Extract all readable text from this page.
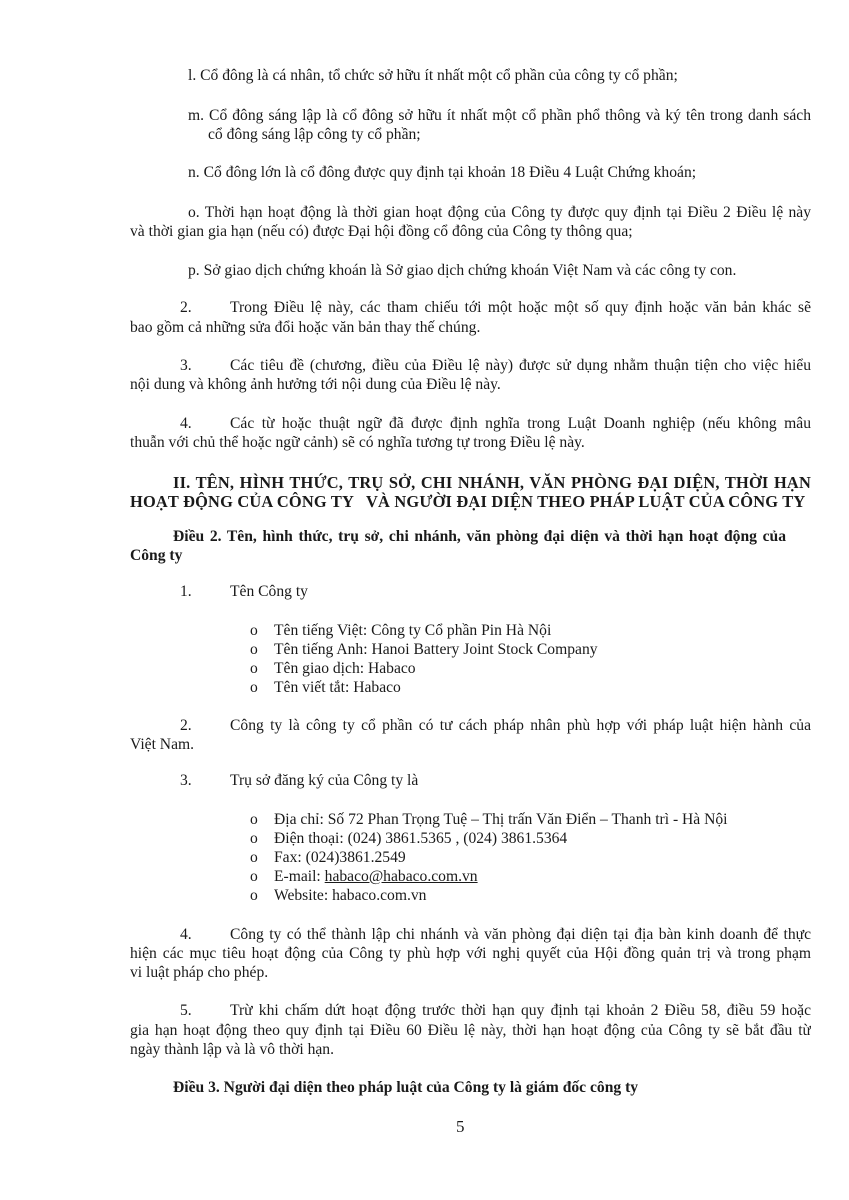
l. Cổ đông là cá nhân, tổ chức sở hữu ít nhất một cổ phần của công ty cổ phần;
m. Cổ đông sáng lập là cổ đông sở hữu ít nhất một cổ phần phổ thông và ký tên trong danh sách
cổ đông sáng lập công ty cổ phần;
n. Cổ đông lớn là cổ đông được quy định tại khoản 18 Điều 4 Luật Chứng khoán;
o. Thời hạn hoạt động là thời gian hoạt động của Công ty được quy định tại Điều 2 Điều lệ này
và thời gian gia hạn (nếu có) được Đại hội đồng cổ đông của Công ty thông qua;
p. Sở giao dịch chứng khoán là Sở giao dịch chứng khoán Việt Nam và các công ty con.
2. Trong Điều lệ này, các tham chiếu tới một hoặc một số quy định hoặc văn bản khác sẽ
bao gồm cả những sửa đổi hoặc văn bản thay thế chúng.
3. Các tiêu đề (chương, điều của Điều lệ này) được sử dụng nhằm thuận tiện cho việc hiểu
nội dung và không ảnh hưởng tới nội dung của Điều lệ này.
4. Các từ hoặc thuật ngữ đã được định nghĩa trong Luật Doanh nghiệp (nếu không mâu
thuẫn với chủ thể hoặc ngữ cảnh) sẽ có nghĩa tương tự trong Điều lệ này.
II. TÊN, HÌNH THỨC, TRỤ SỞ, CHI NHÁNH, VĂN PHÒNG ĐẠI DIỆN, THỜI HẠN
HOẠT ĐỘNG CỦA CÔNG TY   VÀ NGƯỜI ĐẠI DIỆN THEO PHÁP LUẬT CỦA CÔNG TY
Điều 2. Tên, hình thức, trụ sở, chi nhánh, văn phòng đại diện và thời hạn hoạt động của
Công ty
1. Tên Công ty
o Tên tiếng Việt: Công ty Cổ phần Pin Hà Nội
o Tên tiếng Anh: Hanoi Battery Joint Stock Company
o Tên giao dịch: Habaco
o Tên viết tắt: Habaco
2. Công ty là công ty cổ phần có tư cách pháp nhân phù hợp với pháp luật hiện hành của
Việt Nam.
3. Trụ sở đăng ký của Công ty là
o Địa chỉ: Số 72 Phan Trọng Tuệ – Thị trấn Văn Điển – Thanh trì - Hà Nội
o Điện thoại: (024) 3861.5365 , (024) 3861.5364
o Fax: (024)3861.2549
o E-mail: habaco@habaco.com.vn
o Website: habaco.com.vn
4. Công ty có thể thành lập chi nhánh và văn phòng đại diện tại địa bàn kinh doanh để thực
hiện các mục tiêu hoạt động của Công ty phù hợp với nghị quyết của Hội đồng quản trị và trong phạm
vi luật pháp cho phép.
5. Trừ khi chấm dứt hoạt động trước thời hạn quy định tại khoản 2 Điều 58, điều 59 hoặc
gia hạn hoạt động theo quy định tại Điều 60 Điều lệ này, thời hạn hoạt động của Công ty sẽ bắt đầu từ
ngày thành lập và là vô thời hạn.
Điều 3. Người đại diện theo pháp luật của Công ty là giám đốc công ty
5
